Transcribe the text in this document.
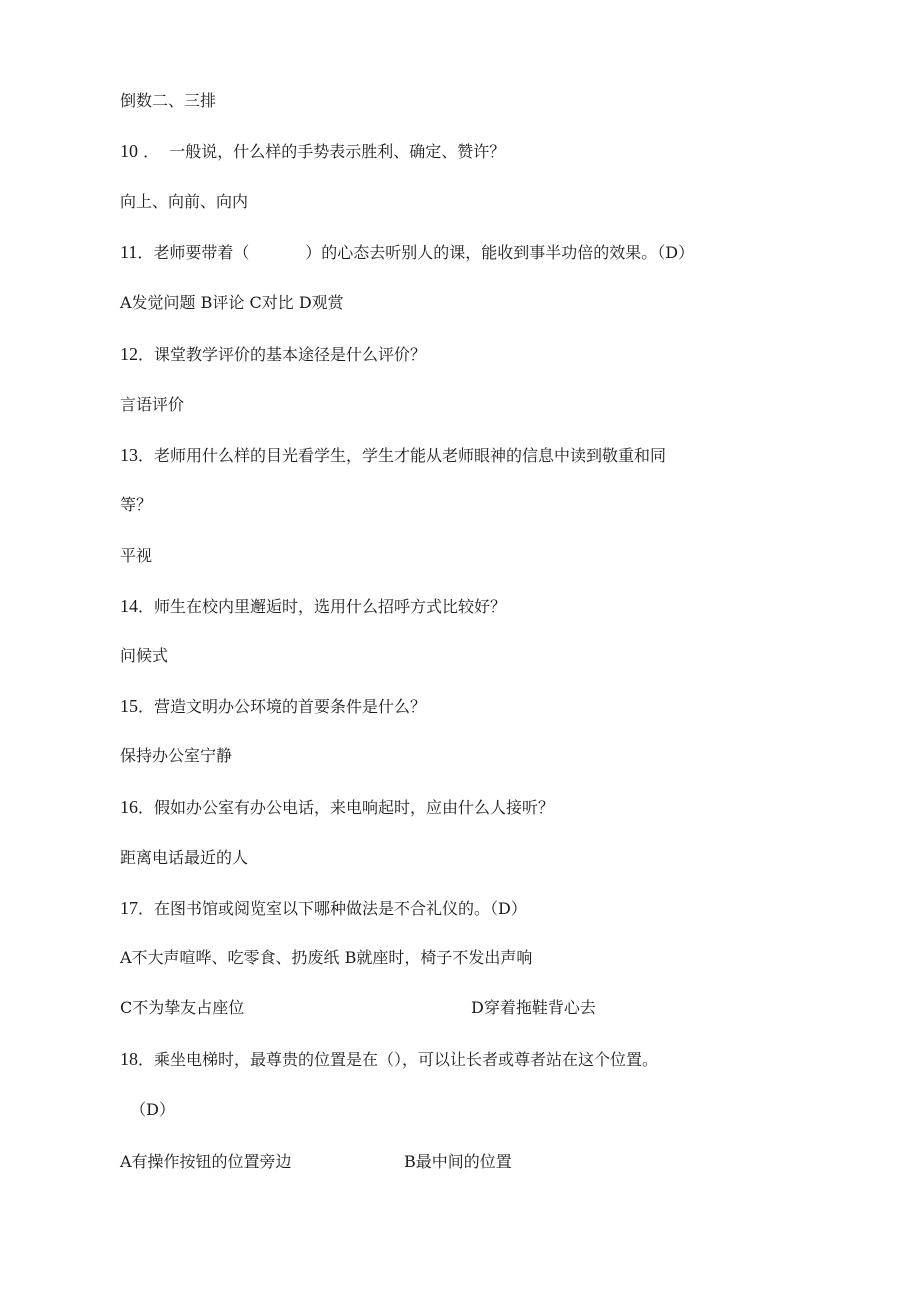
倒数二、三排

10 ．  一般说，什么样的手势表示胜利、确定、赞许？

向上、向前、向内

11．老师要带着（           ）的心态去听别人的课，能收到事半功倍的效果。（D）

A发觉问题 B评论 C对比 D观赏

12．课堂教学评价的基本途径是什么评价？

言语评价

13．老师用什么样的目光看学生，学生才能从老师眼神的信息中读到敬重和同

等？

平视

14．师生在校内里邂逅时，选用什么招呼方式比较好？

问候式

15．营造文明办公环境的首要条件是什么？

保持办公室宁静

16．假如办公室有办公电话，来电响起时，应由什么人接听？

距离电话最近的人

17．在图书馆或阅览室以下哪种做法是不合礼仪的。（D）

A不大声喧哗、吃零食、扔废纸 B就座时，椅子不发出声响

C不为挚友占座位	D穿着拖鞋背心去

18．乘坐电梯时，最尊贵的位置是在（），可以让长者或尊者站在这个位置。

（D）

A有操作按钮的位置旁边	B最中间的位置
